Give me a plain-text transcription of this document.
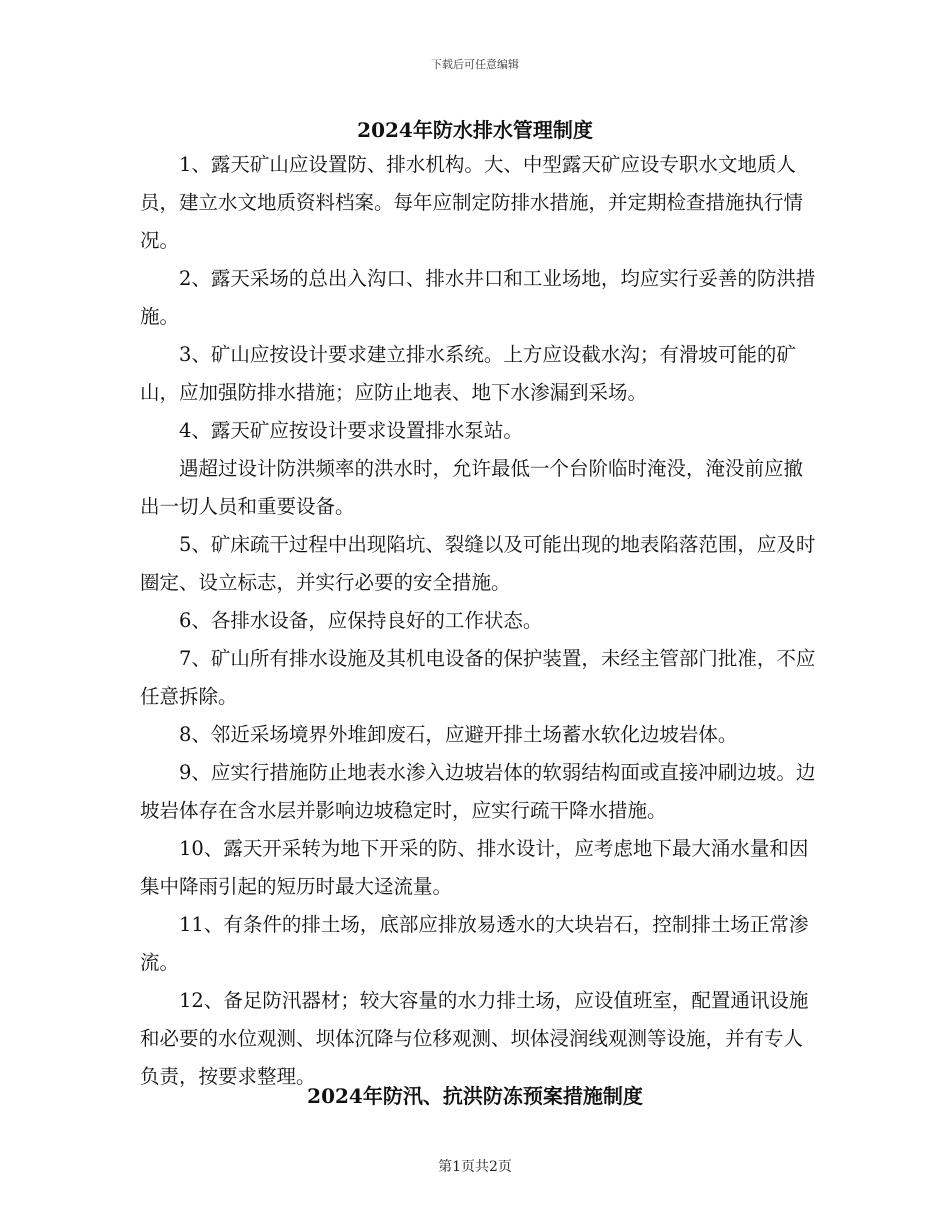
下载后可任意编辑
2024年防水排水管理制度

1、露天矿山应设置防、排水机构。大、中型露天矿应设专职水文地质人员，建立水文地质资料档案。每年应制定防排水措施，并定期检查措施执行情况。

2、露天采场的总出入沟口、排水井口和工业场地，均应实行妥善的防洪措施。

3、矿山应按设计要求建立排水系统。上方应设截水沟；有滑坡可能的矿山，应加强防排水措施；应防止地表、地下水渗漏到采场。

4、露天矿应按设计要求设置排水泵站。

遇超过设计防洪频率的洪水时，允许最低一个台阶临时淹没，淹没前应撤出一切人员和重要设备。

5、矿床疏干过程中出现陷坑、裂缝以及可能出现的地表陷落范围，应及时圈定、设立标志，并实行必要的安全措施。

6、各排水设备，应保持良好的工作状态。

7、矿山所有排水设施及其机电设备的保护装置，未经主管部门批准，不应任意拆除。

8、邻近采场境界外堆卸废石，应避开排土场蓄水软化边坡岩体。

9、应实行措施防止地表水渗入边坡岩体的软弱结构面或直接冲刷边坡。边坡岩体存在含水层并影响边坡稳定时，应实行疏干降水措施。

10、露天开采转为地下开采的防、排水设计，应考虑地下最大涌水量和因集中降雨引起的短历时最大迳流量。

11、有条件的排土场，底部应排放易透水的大块岩石，控制排土场正常渗流。

12、备足防汛器材；较大容量的水力排土场，应设值班室，配置通讯设施和必要的水位观测、坝体沉降与位移观测、坝体浸润线观测等设施，并有专人负责，按要求整理。

2024年防汛、抗洪防冻预案措施制度
第1页共2页
